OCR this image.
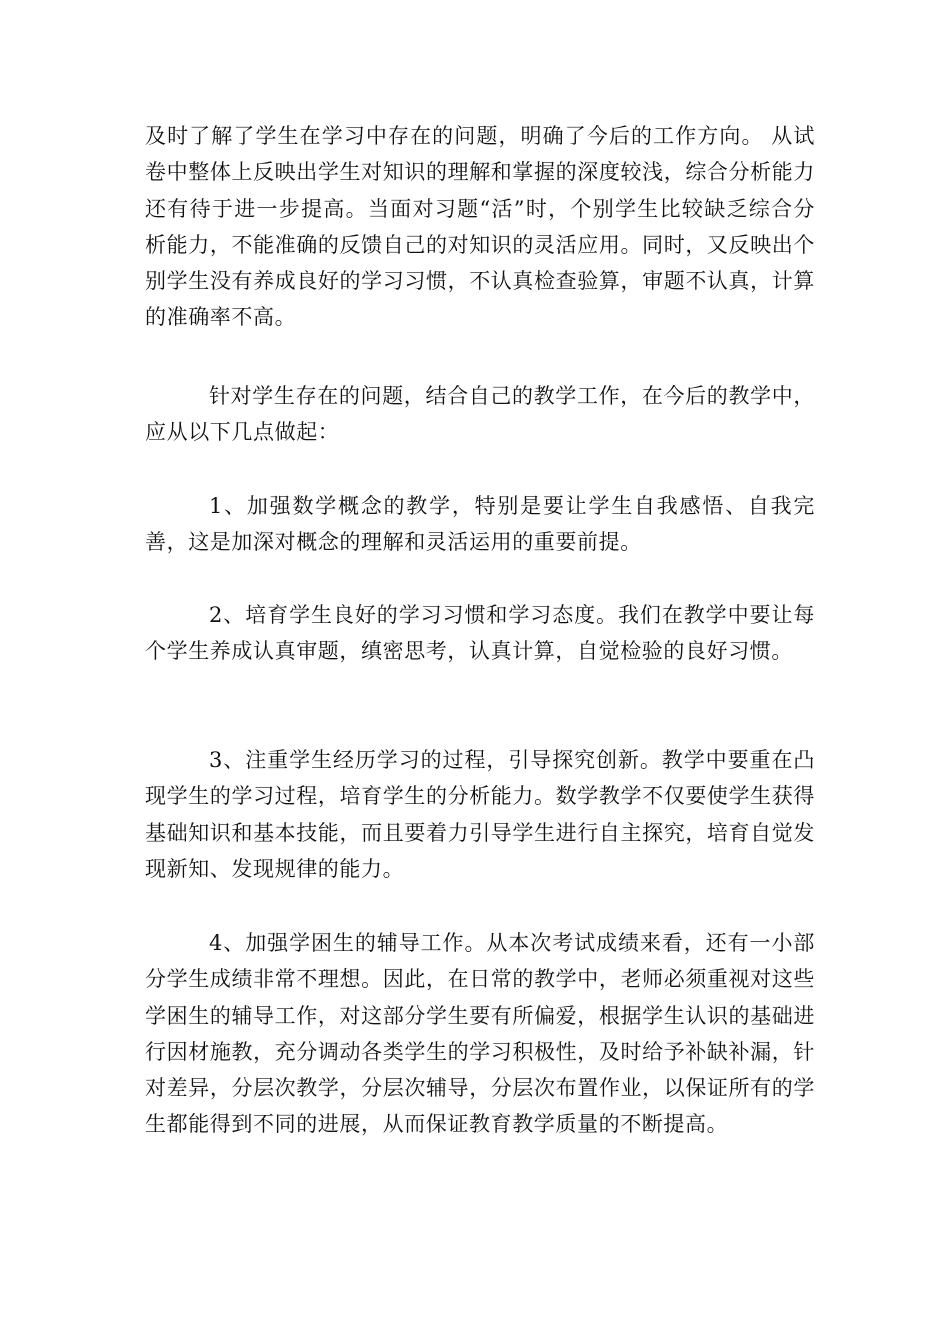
及时了解了学生在学习中存在的问题，明确了今后的工作方向。 从试卷中整体上反映出学生对知识的理解和掌握的深度较浅，综合分析能力还有待于进一步提高。当面对习题“活”时，个别学生比较缺乏综合分析能力，不能准确的反馈自己的对知识的灵活应用。同时，又反映出个别学生没有养成良好的学习习惯，不认真检查验算，审题不认真，计算的准确率不高。

针对学生存在的问题，结合自己的教学工作，在今后的教学中，应从以下几点做起：

1、加强数学概念的教学，特别是要让学生自我感悟、自我完善，这是加深对概念的理解和灵活运用的重要前提。

2、培育学生良好的学习习惯和学习态度。我们在教学中要让每个学生养成认真审题，缜密思考，认真计算，自觉检验的良好习惯。

3、注重学生经历学习的过程，引导探究创新。教学中要重在凸现学生的学习过程，培育学生的分析能力。数学教学不仅要使学生获得基础知识和基本技能，而且要着力引导学生进行自主探究，培育自觉发现新知、发现规律的能力。

4、加强学困生的辅导工作。从本次考试成绩来看，还有一小部分学生成绩非常不理想。因此，在日常的教学中，老师必须重视对这些学困生的辅导工作，对这部分学生要有所偏爱，根据学生认识的基础进行因材施教，充分调动各类学生的学习积极性，及时给予补缺补漏，针对差异，分层次教学，分层次辅导，分层次布置作业，以保证所有的学生都能得到不同的进展，从而保证教育教学质量的不断提高。
